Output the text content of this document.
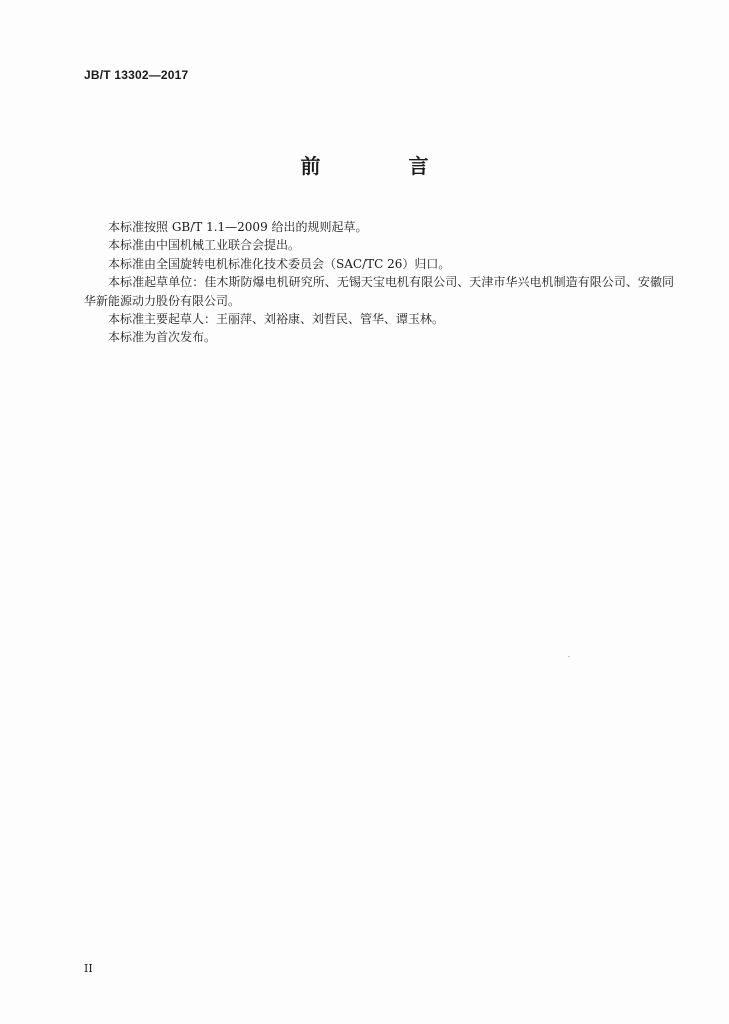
JB/T 13302—2017
前　言

本标准按照 GB/T 1.1—2009 给出的规则起草。

本标准由中国机械工业联合会提出。

本标准由全国旋转电机标准化技术委员会（SAC/TC 26）归口。

本标准起草单位：佳木斯防爆电机研究所、无锡天宝电机有限公司、天津市华兴电机制造有限公司、安徽同华新能源动力股份有限公司。

本标准主要起草人：王丽萍、刘裕康、刘哲民、管华、谭玉林。

本标准为首次发布。

II
